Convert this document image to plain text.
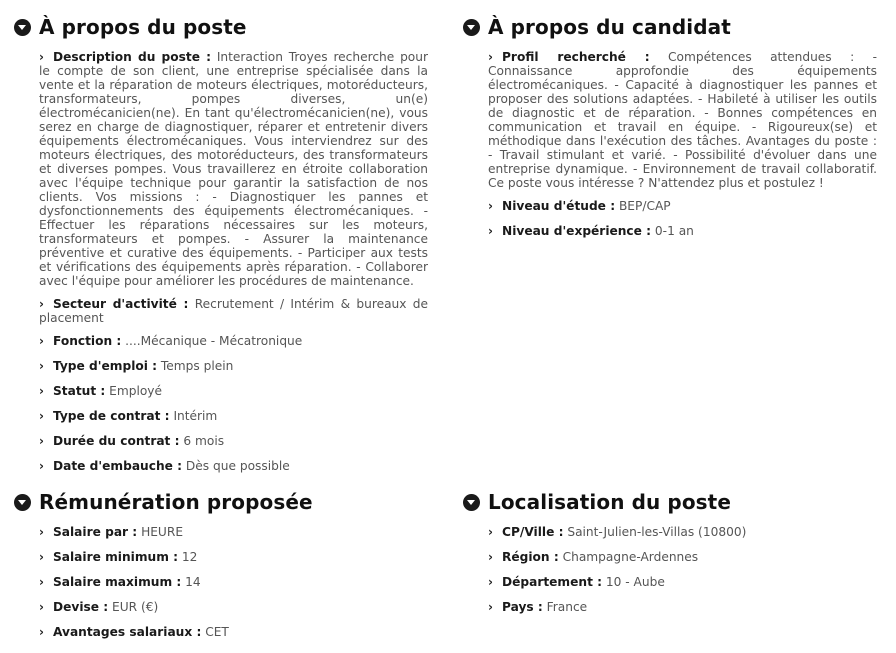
À propos du poste
› Description du poste : Interaction Troyes recherche pour le compte de son client, une entreprise spécialisée dans la vente et la réparation de moteurs électriques, motoréducteurs, transformateurs, pompes diverses, un(e) électromécanicien(ne). En tant qu'électromécanicien(ne), vous serez en charge de diagnostiquer, réparer et entretenir divers équipements électromécaniques. Vous interviendrez sur des moteurs électriques, des motoréducteurs, des transformateurs et diverses pompes. Vous travaillerez en étroite collaboration avec l'équipe technique pour garantir la satisfaction de nos clients. Vos missions : - Diagnostiquer les pannes et dysfonctionnements des équipements électromécaniques. - Effectuer les réparations nécessaires sur les moteurs, transformateurs et pompes. - Assurer la maintenance préventive et curative des équipements. - Participer aux tests et vérifications des équipements après réparation. - Collaborer avec l'équipe pour améliorer les procédures de maintenance.
› Secteur d'activité : Recrutement / Intérim & bureaux de placement
› Fonction : ....Mécanique - Mécatronique
› Type d'emploi : Temps plein
› Statut : Employé
› Type de contrat : Intérim
› Durée du contrat : 6 mois
› Date d'embauche : Dès que possible
À propos du candidat
› Profil recherché : Compétences attendues : - Connaissance approfondie des équipements électromécaniques. - Capacité à diagnostiquer les pannes et proposer des solutions adaptées. - Habileté à utiliser les outils de diagnostic et de réparation. - Bonnes compétences en communication et travail en équipe. - Rigoureux(se) et méthodique dans l'exécution des tâches. Avantages du poste : - Travail stimulant et varié. - Possibilité d'évoluer dans une entreprise dynamique. - Environnement de travail collaboratif. Ce poste vous intéresse ? N'attendez plus et postulez !
› Niveau d'étude : BEP/CAP
› Niveau d'expérience : 0-1 an
Rémunération proposée
› Salaire par : HEURE
› Salaire minimum : 12
› Salaire maximum : 14
› Devise : EUR (€)
› Avantages salariaux : CET
Localisation du poste
› CP/Ville : Saint-Julien-les-Villas (10800)
› Région : Champagne-Ardennes
› Département : 10 - Aube
› Pays : France
